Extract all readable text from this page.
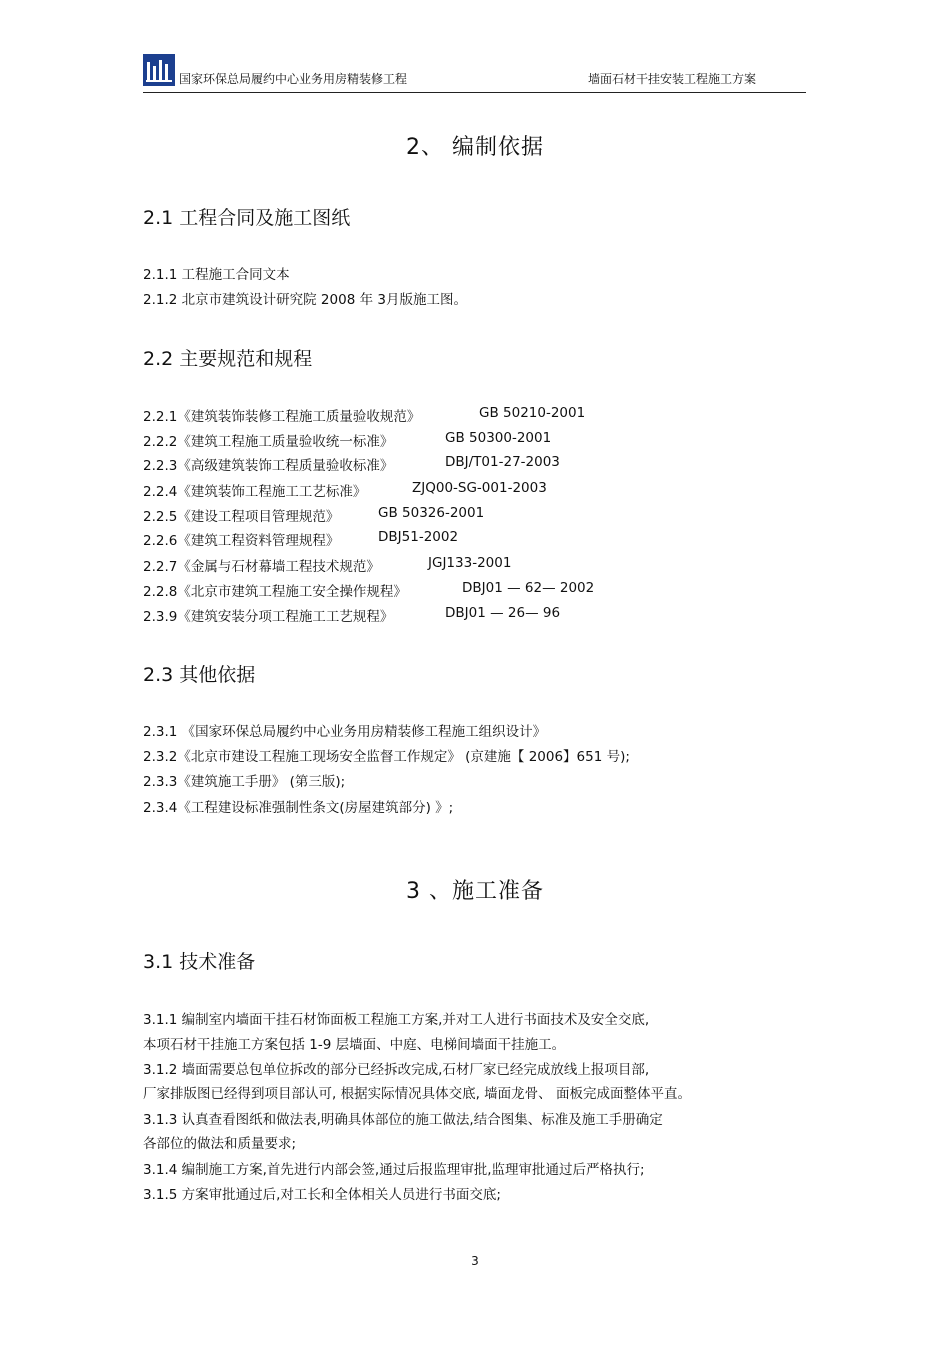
国家环保总局履约中心业务用房精装修工程	墙面石材干挂安装工程施工方案
2、 编制依据
2.1 工程合同及施工图纸
2.1.1 工程施工合同文本
2.1.2 北京市建筑设计研究院 2008 年 3月版施工图。
2.2 主要规范和规程
2.2.1《建筑装饰装修工程施工质量验收规范》	GB 50210-2001
2.2.2《建筑工程施工质量验收统一标准》	GB 50300-2001
2.2.3《高级建筑装饰工程质量验收标准》	DBJ/T01-27-2003
2.2.4《建筑装饰工程施工工艺标准》	ZJQ00-SG-001-2003
2.2.5《建设工程项目管理规范》	GB 50326-2001
2.2.6《建筑工程资料管理规程》	DBJ51-2002
2.2.7《金属与石材幕墙工程技术规范》	JGJ133-2001
2.2.8《北京市建筑工程施工安全操作规程》	DBJ01 — 62— 2002
2.3.9《建筑安装分项工程施工工艺规程》	DBJ01 — 26— 96
2.3 其他依据
2.3.1 《国家环保总局履约中心业务用房精装修工程施工组织设计》
2.3.2《北京市建设工程施工现场安全监督工作规定》 (京建施【 2006】651 号);
2.3.3《建筑施工手册》 (第三版);
2.3.4《工程建设标准强制性条文(房屋建筑部分) 》;
3 、施工准备
3.1 技术准备
3.1.1 编制室内墙面干挂石材饰面板工程施工方案,并对工人进行书面技术及安全交底,
本项石材干挂施工方案包括 1-9 层墙面、中庭、电梯间墙面干挂施工。
3.1.2 墙面需要总包单位拆改的部分已经拆改完成,石材厂家已经完成放线上报项目部,
厂家排版图已经得到项目部认可, 根据实际情况具体交底, 墙面龙骨、 面板完成面整体平直。
3.1.3 认真查看图纸和做法表,明确具体部位的施工做法,结合图集、标准及施工手册确定
各部位的做法和质量要求;
3.1.4 编制施工方案,首先进行内部会签,通过后报监理审批,监理审批通过后严格执行;
3.1.5 方案审批通过后,对工长和全体相关人员进行书面交底;
3
